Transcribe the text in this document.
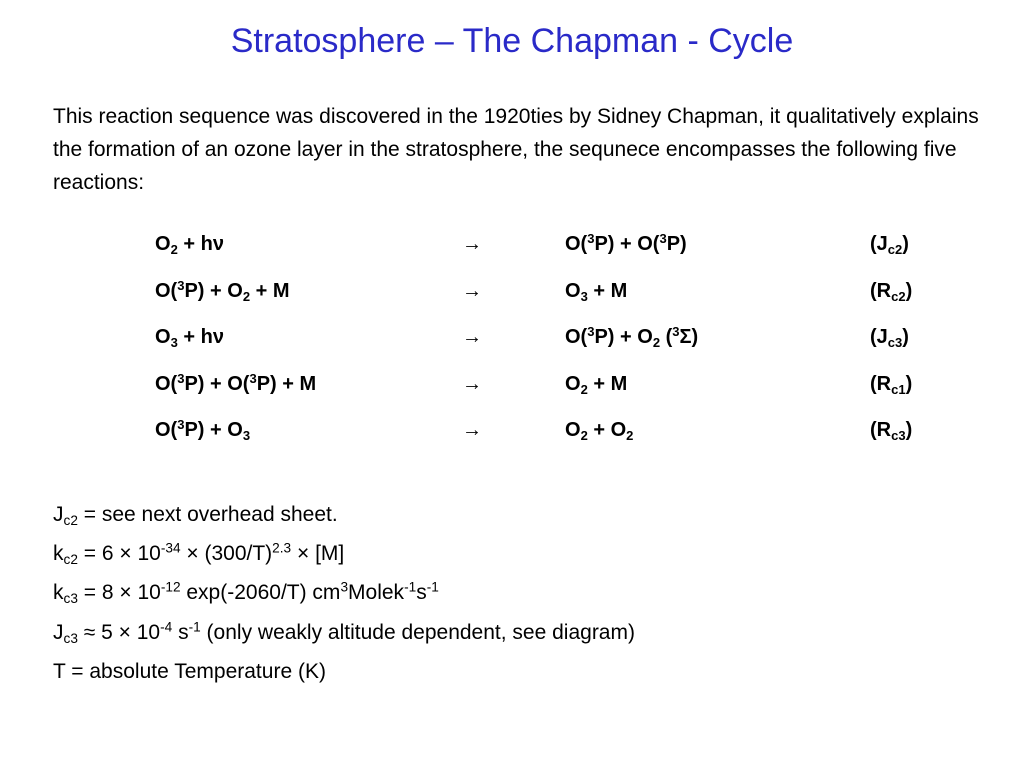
Stratosphere – The Chapman - Cycle

This reaction sequence was discovered in the 1920ties by Sidney Chapman, it qualitatively explains the formation of an ozone layer in the stratosphere, the sequnece encompasses the following five reactions:

$O_2 + h\nu$	→	O($^3$P) + O($^3$P)	$(J_{c2})$
$O(^3P) + O_2 + M$	→	$O_3 + M$	$(R_{c2})$
$O_3 + h\nu$	→	$O(^3P) + O_2$ ($^3$Σ)	$(J_{c3})$
O($^3$P) + O($^3$P) + M	→	$O_2 + M$	$(R_{c1})$
$O(^3P) + O_3$	→	$O_2 + O_2$	$(R_{c3})$
$J_{c2}$ = see next overhead sheet.
$k_{c2} = 6 \times 10^{-34} \times (300/T)^{2.3} \times [M]$
$k_{c3} = 8 \times 10^{-12}$ exp(-2060/T) $cm^3Molek^{-1}s^{-1}$
$J_{c3} \approx 5 \times 10^{-4}$ $s^{-1}$ (only weakly altitude dependent, see diagram)
T = absolute Temperature (K)
